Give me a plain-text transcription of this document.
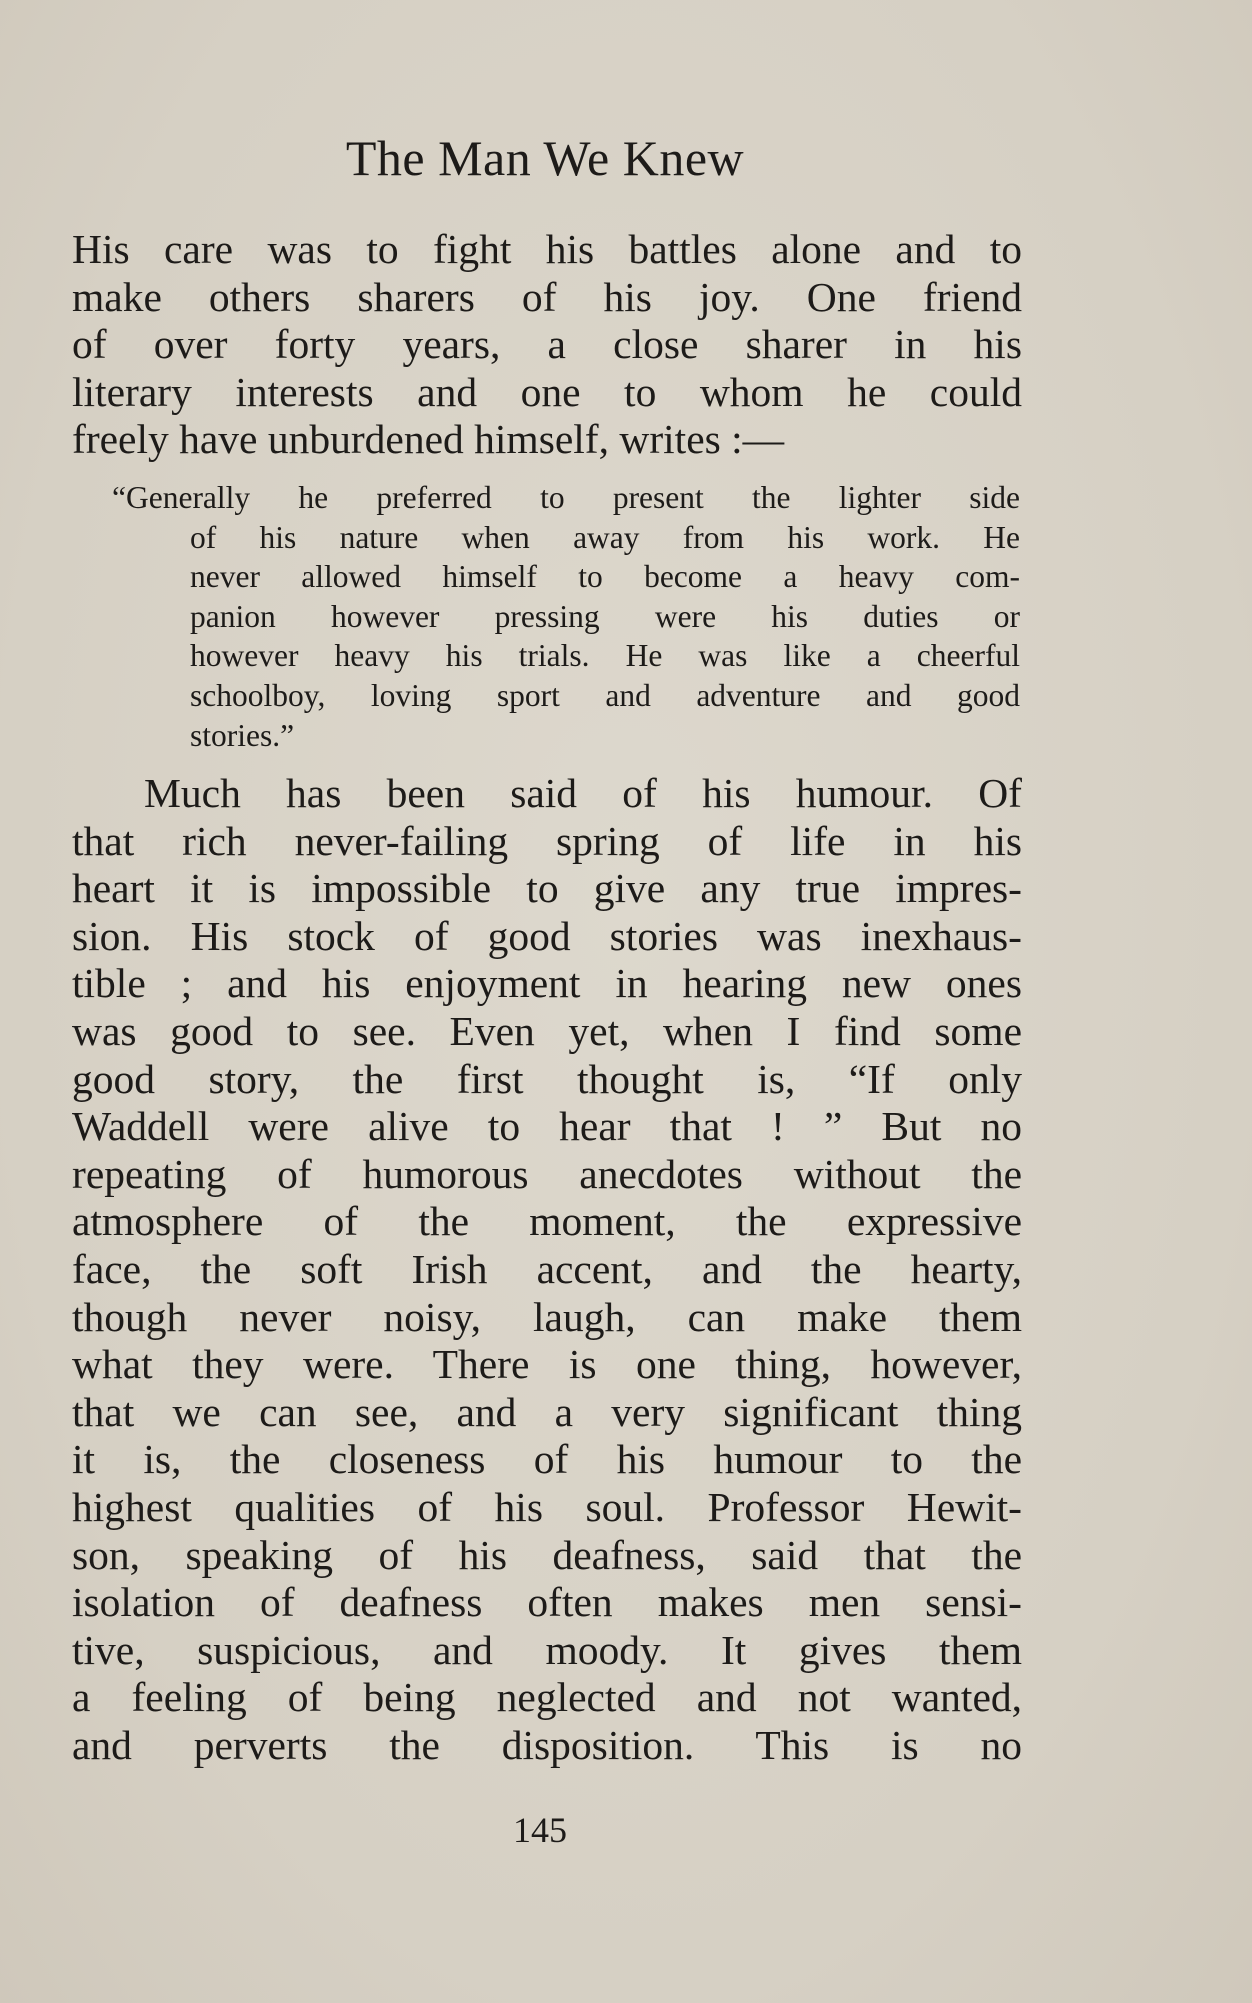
The Man We Knew

His care was to fight his battles alone and to
make others sharers of his joy. One friend
of over forty years, a close sharer in his
literary interests and one to whom he could
freely have unburdened himself, writes :—

“Generally he preferred to present the lighter side
of his nature when away from his work. He
never allowed himself to become a heavy com-
panion however pressing were his duties or
however heavy his trials. He was like a cheerful
schoolboy, loving sport and adventure and good
stories.”

Much has been said of his humour. Of
that rich never-failing spring of life in his
heart it is impossible to give any true impres-
sion. His stock of good stories was inexhaus-
tible ; and his enjoyment in hearing new ones
was good to see. Even yet, when I find some
good story, the first thought is, “If only
Waddell were alive to hear that ! ” But no
repeating of humorous anecdotes without the
atmosphere of the moment, the expressive
face, the soft Irish accent, and the hearty,
though never noisy, laugh, can make them
what they were. There is one thing, however,
that we can see, and a very significant thing
it is, the closeness of his humour to the
highest qualities of his soul. Professor Hewit-
son, speaking of his deafness, said that the
isolation of deafness often makes men sensi-
tive, suspicious, and moody. It gives them
a feeling of being neglected and not wanted,
and perverts the disposition. This is no

145
